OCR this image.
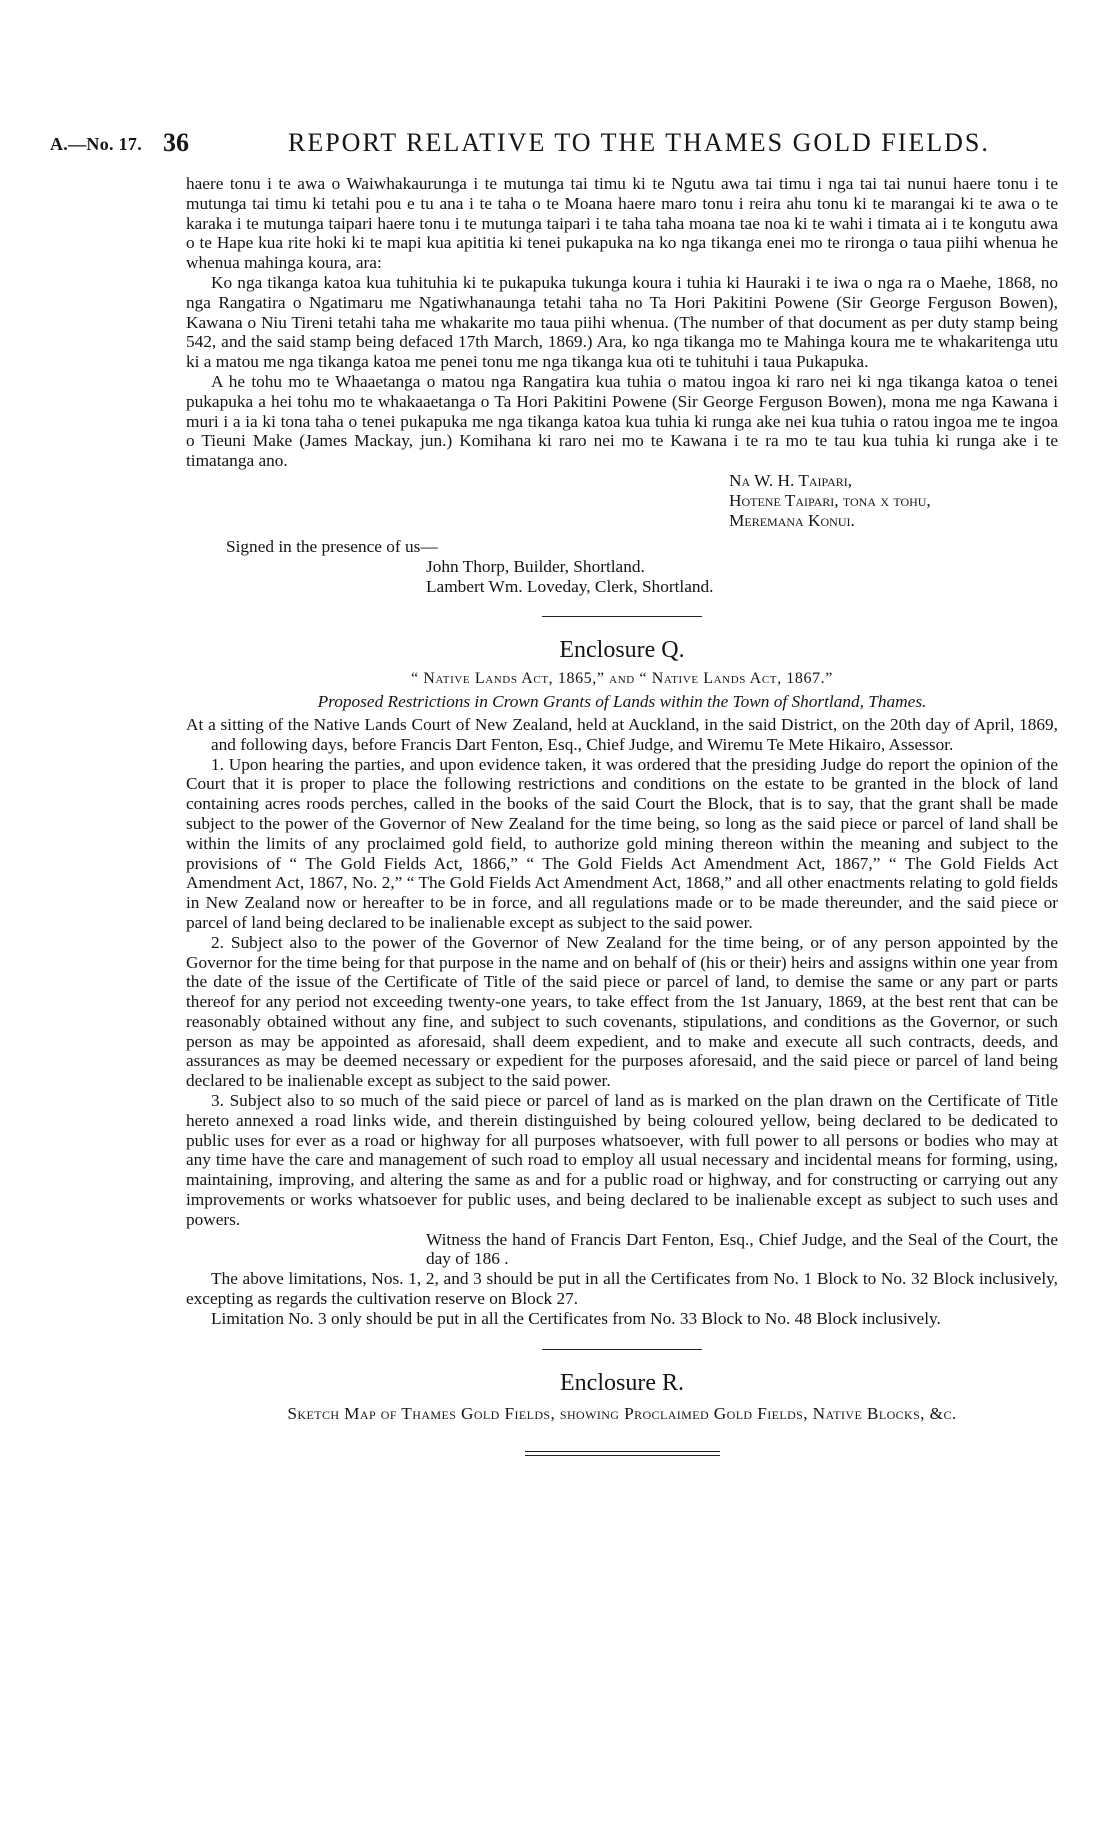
A.—No. 17. 36	REPORT RELATIVE TO THE THAMES GOLD FIELDS.

haere tonu i te awa o Waiwhakaurunga i te mutunga tai timu ki te Ngutu awa tai timu i nga tai tai nunui haere tonu i te mutunga tai timu ki tetahi pou e tu ana i te taha o te Moana haere maro tonu i reira ahu tonu ki te marangai ki te awa o te karaka i te mutunga taipari haere tonu i te mutunga taipari i te taha taha moana tae noa ki te wahi i timata ai i te kongutu awa o te Hape kua rite hoki ki te mapi kua apititia ki tenei pukapuka na ko nga tikanga enei mo te rironga o taua piihi whenua he whenua mahinga koura, ara:

Ko nga tikanga katoa kua tuhituhia ki te pukapuka tukunga koura i tuhia ki Hauraki i te iwa o nga ra o Maehe, 1868, no nga Rangatira o Ngatimaru me Ngatiwhanaunga tetahi taha no Ta Hori Pakitini Powene (Sir George Ferguson Bowen), Kawana o Niu Tireni tetahi taha me whakarite mo taua piihi whenua. (The number of that document as per duty stamp being 542, and the said stamp being defaced 17th March, 1869.) Ara, ko nga tikanga mo te Mahinga koura me te whakaritenga utu ki a matou me nga tikanga katoa me penei tonu me nga tikanga kua oti te tuhituhi i taua Pukapuka.

A he tohu mo te Whaaetanga o matou nga Rangatira kua tuhia o matou ingoa ki raro nei ki nga tikanga katoa o tenei pukapuka a hei tohu mo te whakaaetanga o Ta Hori Pakitini Powene (Sir George Ferguson Bowen), mona me nga Kawana i muri i a ia ki tona taha o tenei pukapuka me nga tikanga katoa kua tuhia ki runga ake nei kua tuhia o ratou ingoa me te ingoa o Tieuni Make (James Mackay, jun.) Komihana ki raro nei mo te Kawana i te ra mo te tau kua tuhia ki runga ake i te timatanga ano.

Na W. H. Taipari,
Hotene Taipari, tona x tohu,
Meremana Konui.
Signed in the presence of us—
John Thorp, Builder, Shortland.
Lambert Wm. Loveday, Clerk, Shortland.
Enclosure Q.
“ Native Lands Act, 1865,” and “ Native Lands Act, 1867.”
Proposed Restrictions in Crown Grants of Lands within the Town of Shortland, Thames.

At a sitting of the Native Lands Court of New Zealand, held at Auckland, in the said District, on the 20th day of April, 1869, and following days, before Francis Dart Fenton, Esq., Chief Judge, and Wiremu Te Mete Hikairo, Assessor.

1. Upon hearing the parties, and upon evidence taken, it was ordered that the presiding Judge do report the opinion of the Court that it is proper to place the following restrictions and conditions on the estate to be granted in the block of land containing acres roods perches, called in the books of the said Court the Block, that is to say, that the grant shall be made subject to the power of the Governor of New Zealand for the time being, so long as the said piece or parcel of land shall be within the limits of any proclaimed gold field, to authorize gold mining thereon within the meaning and subject to the provisions of “ The Gold Fields Act, 1866,” “ The Gold Fields Act Amendment Act, 1867,” “ The Gold Fields Act Amendment Act, 1867, No. 2,” “ The Gold Fields Act Amendment Act, 1868,” and all other enactments relating to gold fields in New Zealand now or hereafter to be in force, and all regulations made or to be made thereunder, and the said piece or parcel of land being declared to be inalienable except as subject to the said power.

2. Subject also to the power of the Governor of New Zealand for the time being, or of any person appointed by the Governor for the time being for that purpose in the name and on behalf of (his or their) heirs and assigns within one year from the date of the issue of the Certificate of Title of the said piece or parcel of land, to demise the same or any part or parts thereof for any period not exceeding twenty-one years, to take effect from the 1st January, 1869, at the best rent that can be reasonably obtained without any fine, and subject to such covenants, stipulations, and conditions as the Governor, or such person as may be appointed as aforesaid, shall deem expedient, and to make and execute all such contracts, deeds, and assurances as may be deemed necessary or expedient for the purposes aforesaid, and the said piece or parcel of land being declared to be inalienable except as subject to the said power.

3. Subject also to so much of the said piece or parcel of land as is marked on the plan drawn on the Certificate of Title hereto annexed a road links wide, and therein distinguished by being coloured yellow, being declared to be dedicated to public uses for ever as a road or highway for all purposes whatsoever, with full power to all persons or bodies who may at any time have the care and management of such road to employ all usual necessary and incidental means for forming, using, maintaining, improving, and altering the same as and for a public road or highway, and for constructing or carrying out any improvements or works whatsoever for public uses, and being declared to be inalienable except as subject to such uses and powers.

Witness the hand of Francis Dart Fenton, Esq., Chief Judge, and the Seal of the Court, the day of 186 .

The above limitations, Nos. 1, 2, and 3 should be put in all the Certificates from No. 1 Block to No. 32 Block inclusively, excepting as regards the cultivation reserve on Block 27.

Limitation No. 3 only should be put in all the Certificates from No. 33 Block to No. 48 Block inclusively.

Enclosure R.
Sketch Map of Thames Gold Fields, showing Proclaimed Gold Fields, Native Blocks, &c.
